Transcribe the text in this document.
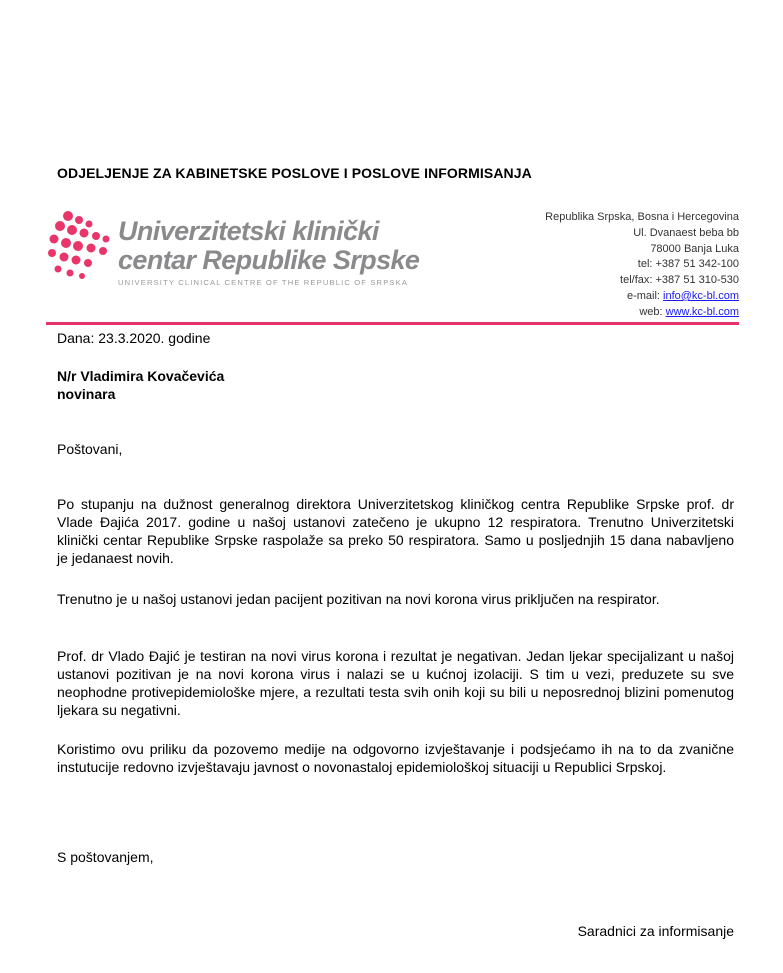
ODJELJENJE ZA KABINETSKE POSLOVE I POSLOVE INFORMISANJA
Univerzitetski klinički
centar Republike Srpske
UNIVERSITY CLINICAL CENTRE OF THE REPUBLIC OF SRPSKA
Republika Srpska, Bosna i Hercegovina
Ul. Dvanaest beba bb
78000 Banja Luka
tel: +387 51 342-100
tel/fax: +387 51 310-530
e-mail: info@kc-bl.com
web: www.kc-bl.com
Dana: 23.3.2020. godine
N/r Vladimira Kovačevića
novinara
Poštovani,
Po stupanju na dužnost generalnog direktora Univerzitetskog kliničkog centra Republike Srpske prof. dr Vlade Đajića 2017. godine u našoj ustanovi zatečeno je ukupno 12 respiratora. Trenutno Univerzitetski klinički centar Republike Srpske raspolaže sa preko 50 respiratora. Samo u posljednjih 15 dana nabavljeno je jedanaest novih.
Trenutno je u našoj ustanovi jedan pacijent pozitivan na novi korona virus priključen na respirator.
Prof. dr Vlado Đajić je testiran na novi virus korona i rezultat je negativan. Jedan ljekar specijalizant u našoj ustanovi pozitivan je na novi korona virus i nalazi se u kućnoj izolaciji. S tim u vezi, preduzete su sve neophodne protivepidemiološke mjere, a rezultati testa svih onih koji su bili u neposrednoj blizini pomenutog ljekara su negativni.
Koristimo ovu priliku da pozovemo medije na odgovorno izvještavanje i podsjećamo ih na to da zvanične instutucije redovno izvještavaju javnost o novonastaloj epidemiološkoj situaciji u Republici Srpskoj.
S poštovanjem,
Saradnici za informisanje
